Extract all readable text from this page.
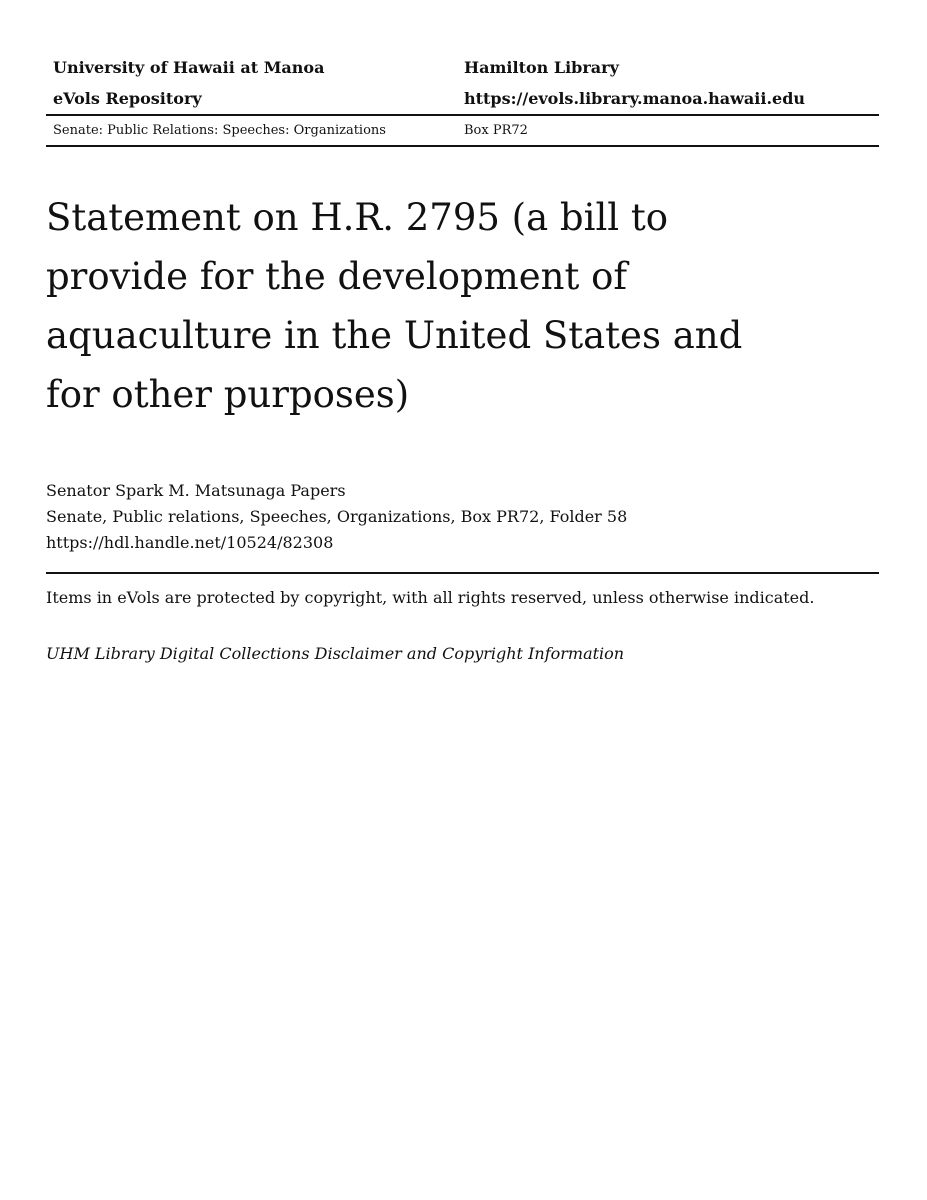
University of Hawaii at Manoa	Hamilton Library
eVols Repository	https://evols.library.manoa.hawaii.edu
Senate: Public Relations: Speeches: Organizations	Box PR72
Statement on H.R. 2795 (a bill to provide for the development of aquaculture in the United States and for other purposes)
Senator Spark M. Matsunaga Papers
Senate, Public relations, Speeches, Organizations, Box PR72, Folder 58
https://hdl.handle.net/10524/82308
Items in eVols are protected by copyright, with all rights reserved, unless otherwise indicated.
UHM Library Digital Collections Disclaimer and Copyright Information
